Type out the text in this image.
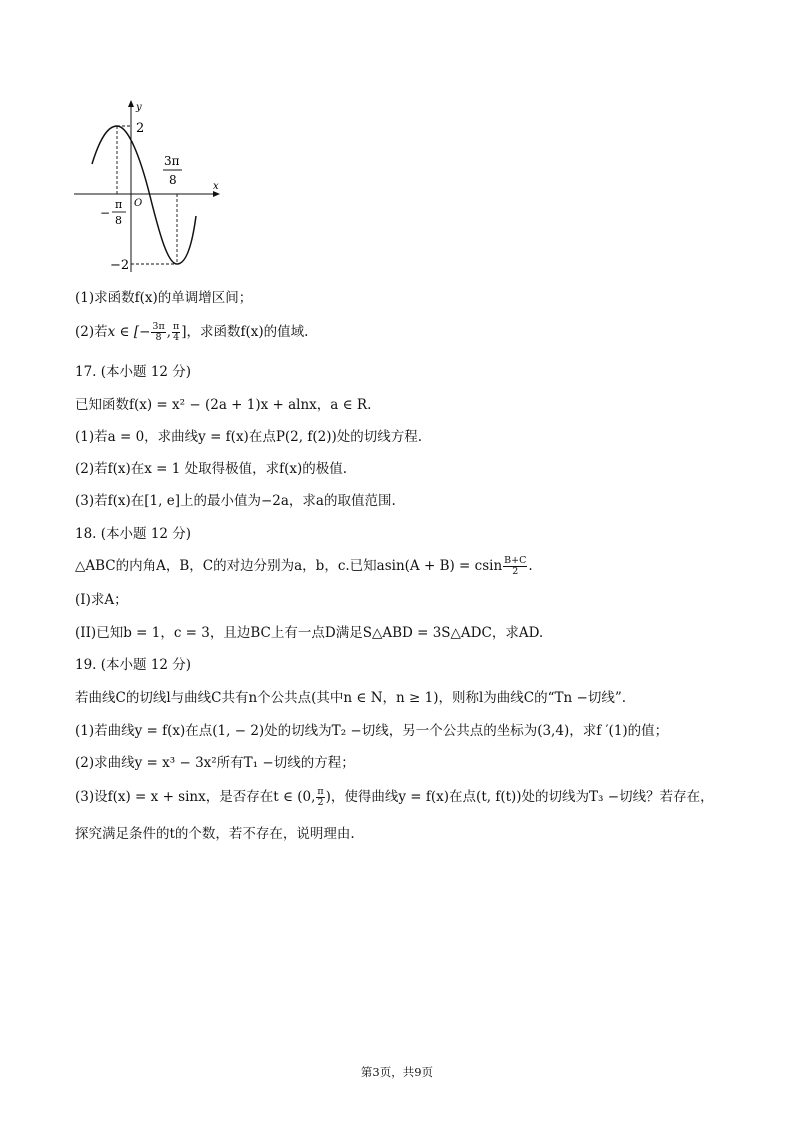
y
x
2
−2
O
−
π
8
3π
8
(1)求函数f(x)的单调增区间；
(2)若x ∈ [− $\frac{3\pi}{8}$ , $\frac{\pi}{4}$ ]，求函数f(x)的值域.
17. (本小题 12 分)
已知函数f(x) = x² − (2a + 1)x + alnx，a ∈ R.
(1)若a = 0，求曲线y = f(x)在点P(2, f(2))处的切线方程.
(2)若f(x)在x = 1 处取得极值，求f(x)的极值.
(3)若f(x)在[1, e]上的最小值为−2a，求a的取值范围.
18. (本小题 12 分)
△ABC的内角A，B，C的对边分别为a，b，c.已知asin(A + B) = csin $\frac{B+C}{2}$ .
(I)求A；
(II)已知b = 1，c = 3，且边BC上有一点D满足S△ABD = 3S△ADC，求AD.
19. (本小题 12 分)
若曲线C的切线l与曲线C共有n个公共点(其中n ∈ N，n ≥ 1)，则称l为曲线C的“Tn −切线”.
(1)若曲线y = f(x)在点(1, − 2)处的切线为T₂ −切线，另一个公共点的坐标为(3,4)，求f ′(1)的值；
(2)求曲线y = x³ − 3x²所有T₁ −切线的方程；
(3)设f(x) = x + sinx，是否存在t ∈ (0, $\frac{\pi}{2}$ )，使得曲线y = f(x)在点(t, f(t))处的切线为T₃ −切线？若存在，
探究满足条件的t的个数，若不存在，说明理由.
第3页，共9页
